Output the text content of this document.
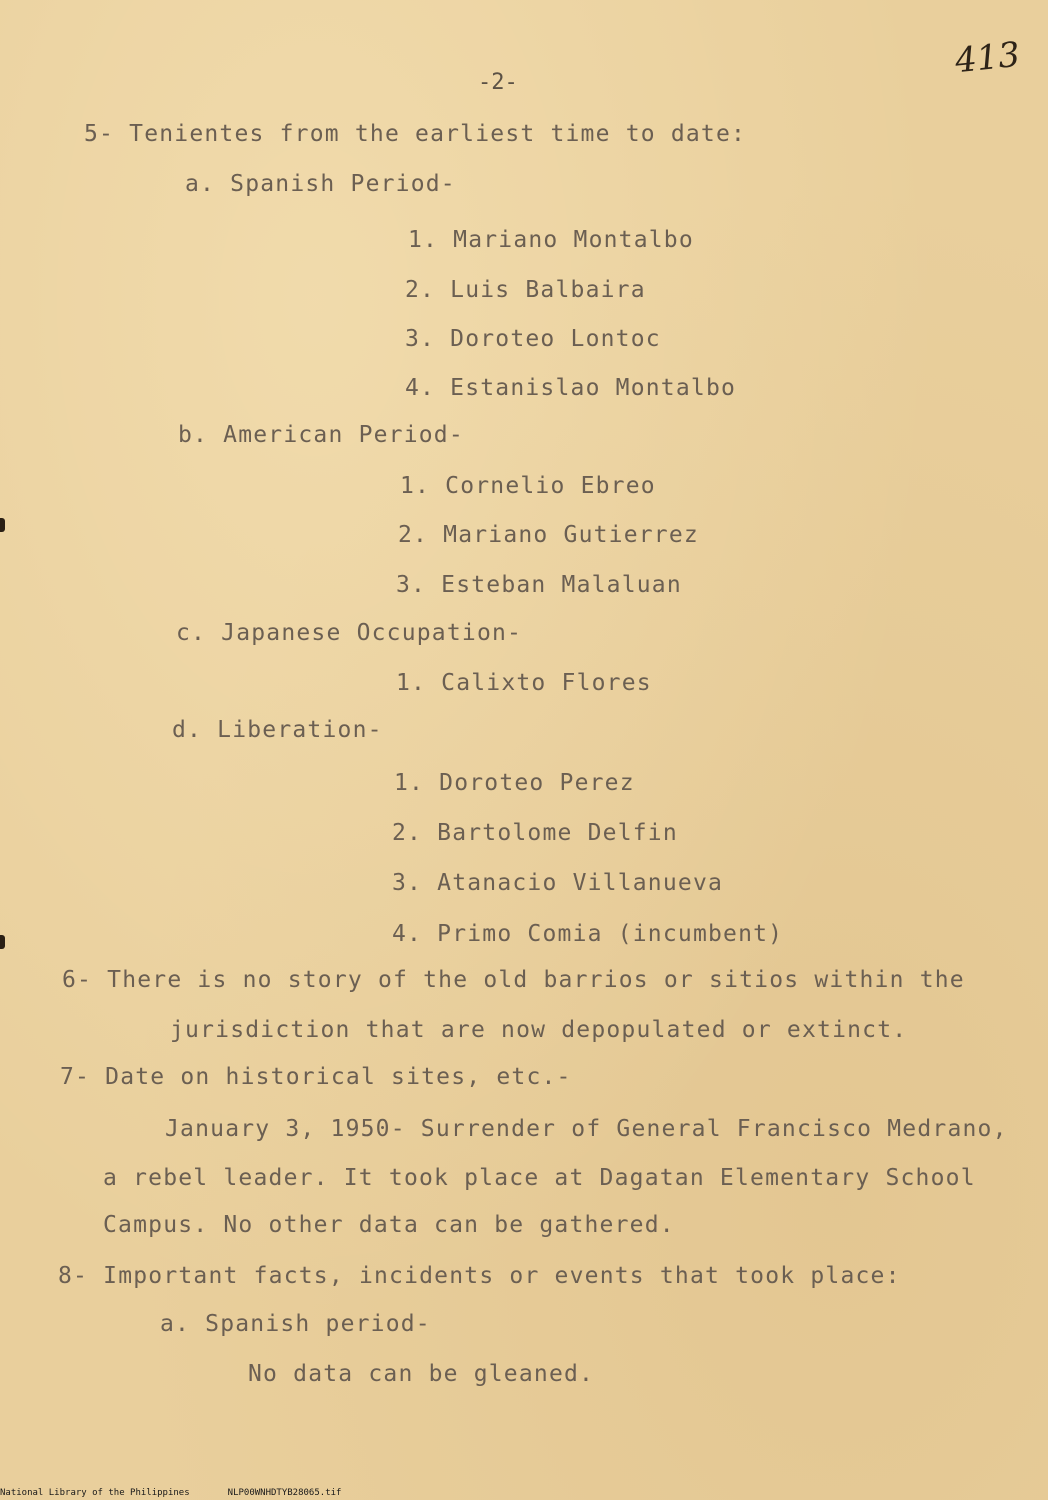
413
-2-
5- Tenientes from the earliest time to date:
a. Spanish Period-
1. Mariano Montalbo
2. Luis Balbaira
3. Doroteo Lontoc
4. Estanislao Montalbo
b. American Period-
1. Cornelio Ebreo
2. Mariano Gutierrez
3. Esteban Malaluan
c. Japanese Occupation-
1. Calixto Flores
d. Liberation-
1. Doroteo Perez
2. Bartolome Delfin
3. Atanacio Villanueva
4. Primo Comia (incumbent)
6- There is no story of the old barrios or sitios within the
jurisdiction that are now depopulated or extinct.
7- Date on historical sites, etc.-
January 3, 1950- Surrender of General Francisco Medrano,
a rebel leader. It took place at Dagatan Elementary School
Campus. No other data can be gathered.
8- Important facts, incidents or events that took place:
a. Spanish period-
No data can be gleaned.
National Library of the Philippines	NLP00WNHDTYB28065.tif
